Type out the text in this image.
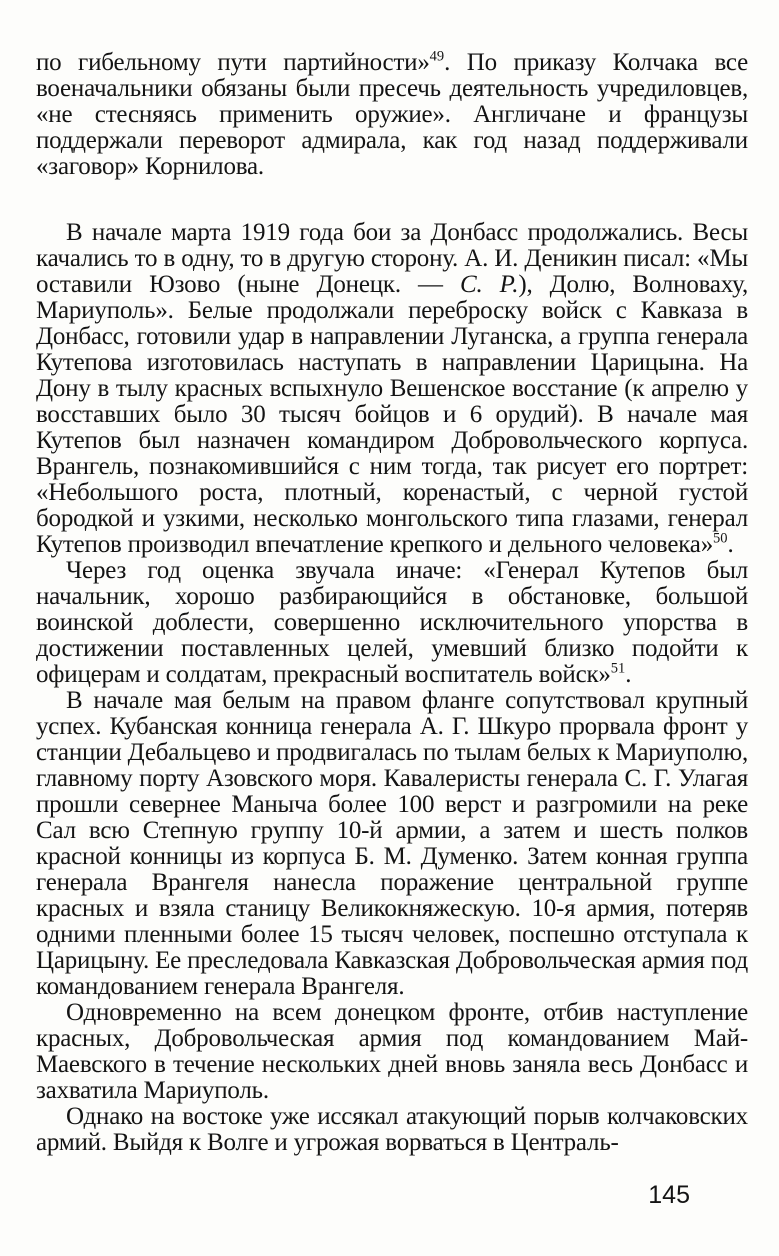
по гибельному пути партийности»$^{49}$. По приказу Колчака все военачальники обязаны были пресечь деятельность учредиловцев, «не стесняясь применить оружие». Англичане и французы поддержали переворот адмирала, как год назад поддерживали «заговор» Корнилова.

В начале марта 1919 года бои за Донбасс продолжались. Весы качались то в одну, то в другую сторону. А. И. Деникин писал: «Мы оставили Юзово (ныне Донецк. — С. Р.), Долю, Волноваху, Мариуполь». Белые продолжали переброску войск с Кавказа в Донбасс, готовили удар в направлении Луганска, а группа генерала Кутепова изготовилась наступать в направлении Царицына. На Дону в тылу красных вспыхнуло Вешенское восстание (к апрелю у восставших было 30 тысяч бойцов и 6 орудий). В начале мая Кутепов был назначен командиром Добровольческого корпуса. Врангель, познакомившийся с ним тогда, так рисует его портрет: «Небольшого роста, плотный, коренастый, с черной густой бородкой и узкими, несколько монгольского типа глазами, генерал Кутепов производил впечатление крепкого и дельного человека»$^{50}$.

Через год оценка звучала иначе: «Генерал Кутепов был начальник, хорошо разбирающийся в обстановке, большой воинской доблести, совершенно исключительного упорства в достижении поставленных целей, умевший близко подойти к офицерам и солдатам, прекрасный воспитатель войск»$^{51}$.

В начале мая белым на правом фланге сопутствовал крупный успех. Кубанская конница генерала А. Г. Шкуро прорвала фронт у станции Дебальцево и продвигалась по тылам белых к Мариуполю, главному порту Азовского моря. Кавалеристы генерала С. Г. Улагая прошли севернее Маныча более 100 верст и разгромили на реке Сал всю Степную группу 10-й армии, а затем и шесть полков красной конницы из корпуса Б. М. Думенко. Затем конная группа генерала Врангеля нанесла поражение центральной группе красных и взяла станицу Великокняжескую. 10-я армия, потеряв одними пленными более 15 тысяч человек, поспешно отступала к Царицыну. Ее преследовала Кавказская Добровольческая армия под командованием генерала Врангеля.

Одновременно на всем донецком фронте, отбив наступление красных, Добровольческая армия под командованием Май-Маевского в течение нескольких дней вновь заняла весь Донбасс и захватила Мариуполь.

Однако на востоке уже иссякал атакующий порыв колчаковских армий. Выйдя к Волге и угрожая ворваться в Централь-

145
